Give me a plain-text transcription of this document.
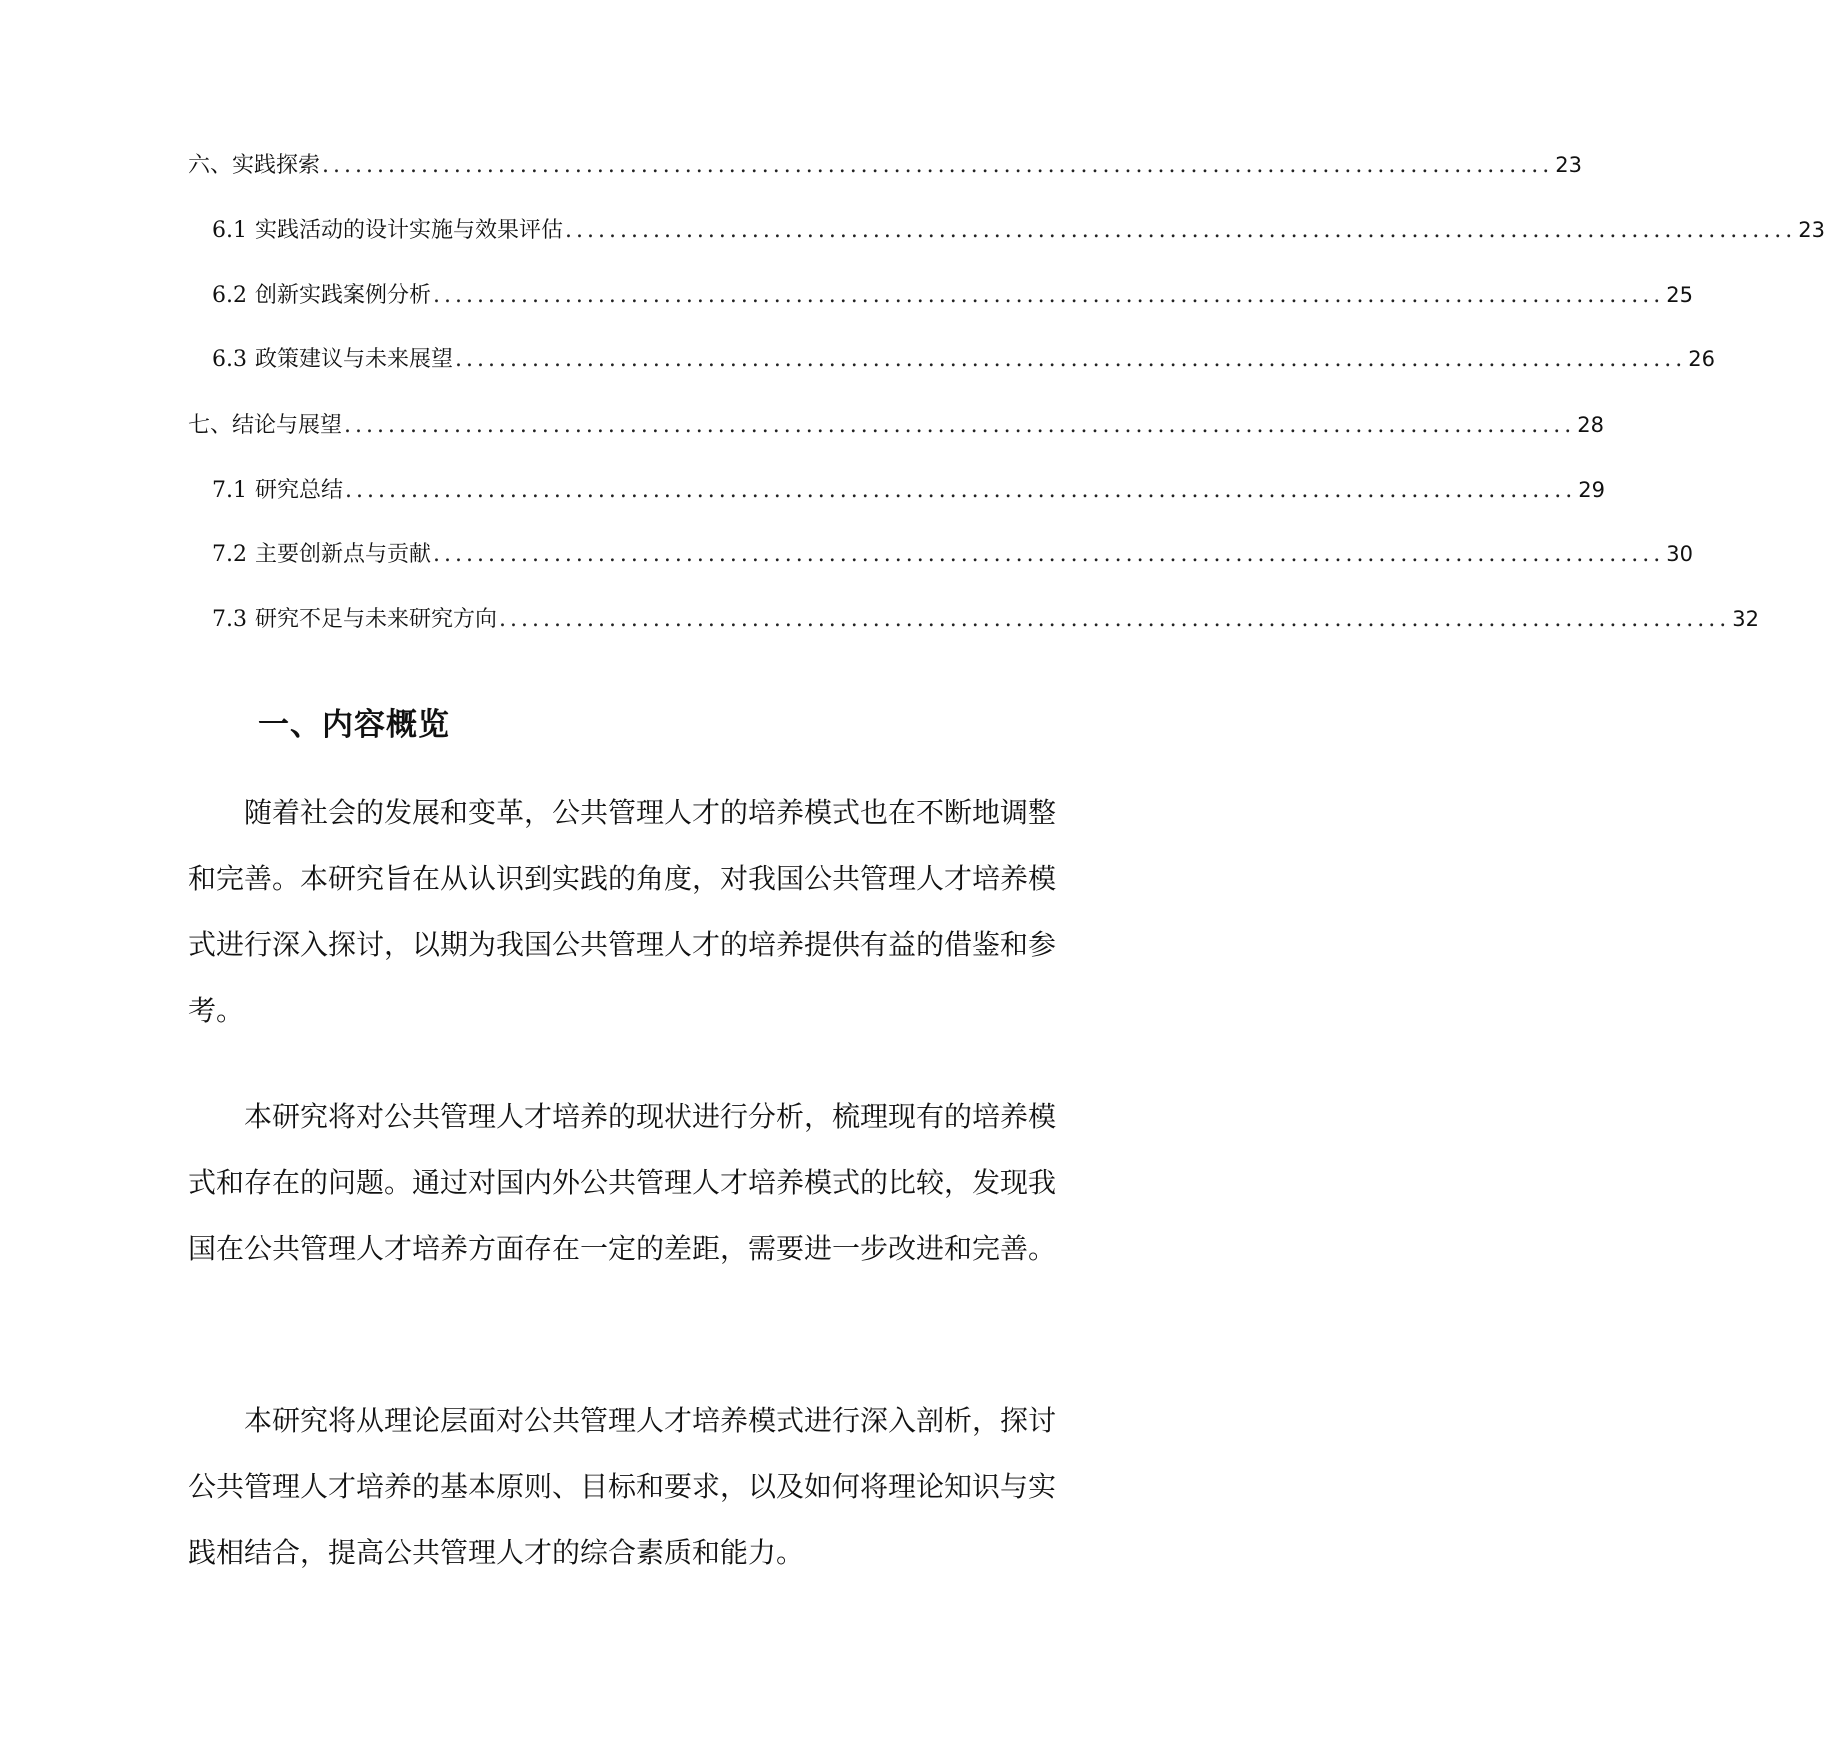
六、实践探索 ................................................................................................................ 23
6.1 实践活动的设计实施与效果评估 ................................................................................................................ 23
6.2 创新实践案例分析 ................................................................................................................ 25
6.3 政策建议与未来展望 ................................................................................................................ 26
七、结论与展望 ................................................................................................................ 28
7.1 研究总结 ................................................................................................................ 29
7.2 主要创新点与贡献 ................................................................................................................ 30
7.3 研究不足与未来研究方向 ................................................................................................................ 32
一、内容概览

随着社会的发展和变革，公共管理人才的培养模式也在不断地调整和完善。本研究旨在从认识到实践的角度，对我国公共管理人才培养模式进行深入探讨，以期为我国公共管理人才的培养提供有益的借鉴和参考。

本研究将对公共管理人才培养的现状进行分析，梳理现有的培养模式和存在的问题。通过对国内外公共管理人才培养模式的比较，发现我国在公共管理人才培养方面存在一定的差距，需要进一步改进和完善。

本研究将从理论层面对公共管理人才培养模式进行深入剖析，探讨公共管理人才培养的基本原则、目标和要求，以及如何将理论知识与实践相结合，提高公共管理人才的综合素质和能力。
